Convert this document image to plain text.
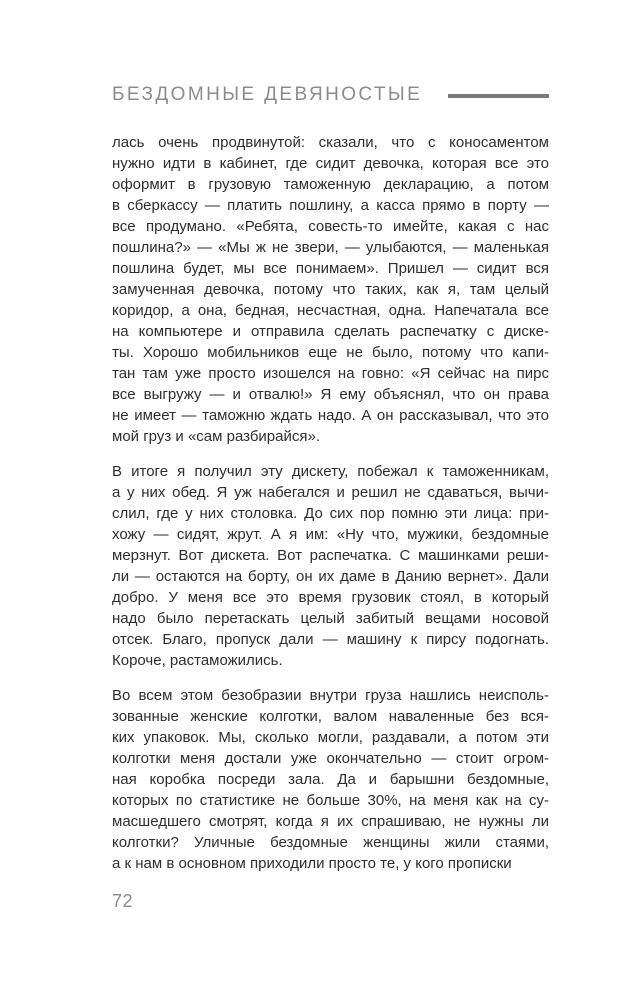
БЕЗДОМНЫЕ ДЕВЯНОСТЫЕ
лась очень продвинутой: сказали, что с коносаментом
нужно идти в кабинет, где сидит девочка, которая все это
оформит в грузовую таможенную декларацию, а потом
в сберкассу — платить пошлину, а касса прямо в порту —
все продумано. «Ребята, совесть-то имейте, какая с нас
пошлина?» — «Мы ж не звери, — улыбаются, — маленькая
пошлина будет, мы все понимаем». Пришел — сидит вся
замученная девочка, потому что таких, как я, там целый
коридор, а она, бедная, несчастная, одна. Напечатала все
на компьютере и отправила сделать распечатку с диске-
ты. Хорошо мобильников еще не было, потому что капи-
тан там уже просто изошелся на говно: «Я сейчас на пирс
все выгружу — и отвалю!» Я ему объяснял, что он права
не имеет — таможню ждать надо. А он рассказывал, что это
мой груз и «сам разбирайся».
В итоге я получил эту дискету, побежал к таможенникам,
а у них обед. Я уж набегался и решил не сдаваться, вычи-
слил, где у них столовка. До сих пор помню эти лица: при-
хожу — сидят, жрут. А я им: «Ну что, мужики, бездомные
мерзнут. Вот дискета. Вот распечатка. С машинками реши-
ли — остаются на борту, он их даме в Данию вернет». Дали
добро. У меня все это время грузовик стоял, в который
надо было перетаскать целый забитый вещами носовой
отсек. Благо, пропуск дали — машину к пирсу подогнать.
Короче, растаможились.
Во всем этом безобразии внутри груза нашлись неисполь-
зованные женские колготки, валом наваленные без вся-
ких упаковок. Мы, сколько могли, раздавали, а потом эти
колготки меня достали уже окончательно — стоит огром-
ная коробка посреди зала. Да и барышни бездомные,
которых по статистике не больше 30%, на меня как на су-
масшедшего смотрят, когда я их спрашиваю, не нужны ли
колготки? Уличные бездомные женщины жили стаями,
а к нам в основном приходили просто те, у кого прописки
72
